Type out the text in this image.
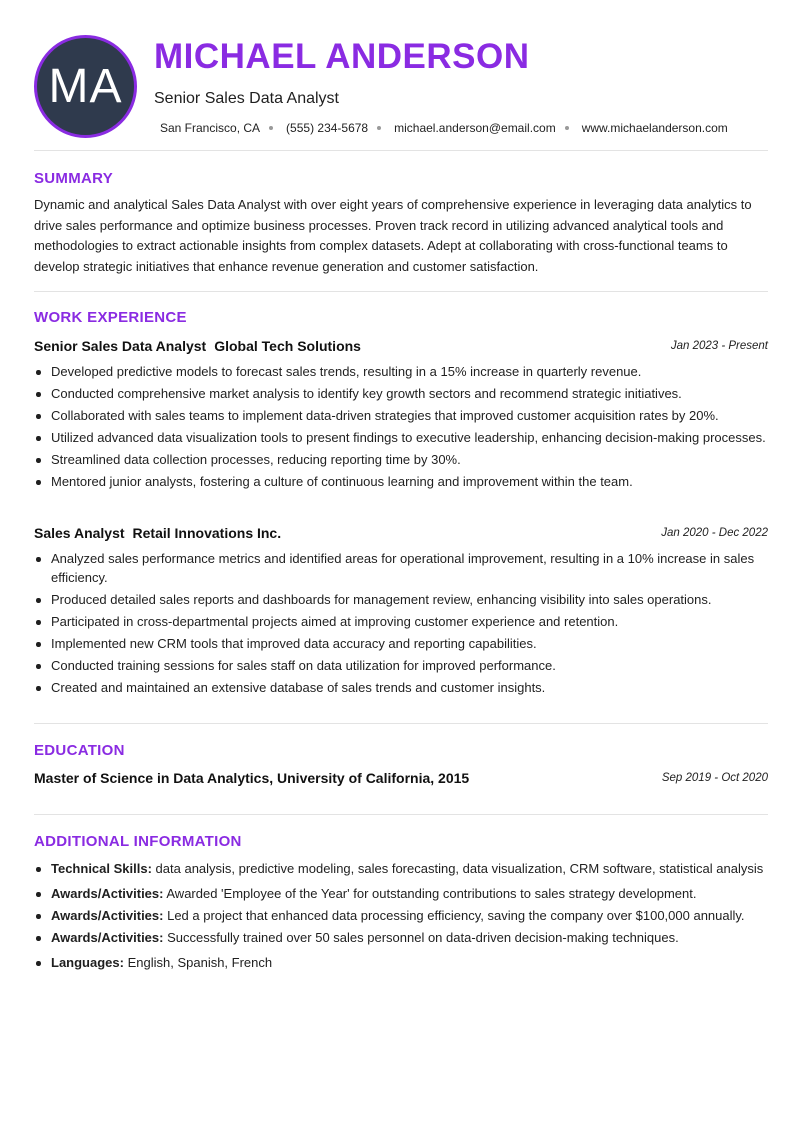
MA
MICHAEL ANDERSON
Senior Sales Data Analyst
San Francisco, CA (555) 234-5678 michael.anderson@email.com www.michaelanderson.com
SUMMARY
Dynamic and analytical Sales Data Analyst with over eight years of comprehensive experience in leveraging data analytics to drive sales performance and optimize business processes. Proven track record in utilizing advanced analytical tools and methodologies to extract actionable insights from complex datasets. Adept at collaborating with cross-functional teams to develop strategic initiatives that enhance revenue generation and customer satisfaction.
WORK EXPERIENCE
Senior Sales Data Analyst Global Tech Solutions	Jan 2023 - Present
Developed predictive models to forecast sales trends, resulting in a 15% increase in quarterly revenue.
Conducted comprehensive market analysis to identify key growth sectors and recommend strategic initiatives.
Collaborated with sales teams to implement data-driven strategies that improved customer acquisition rates by 20%.
Utilized advanced data visualization tools to present findings to executive leadership, enhancing decision-making processes.
Streamlined data collection processes, reducing reporting time by 30%.
Mentored junior analysts, fostering a culture of continuous learning and improvement within the team.
Sales Analyst Retail Innovations Inc.	Jan 2020 - Dec 2022
Analyzed sales performance metrics and identified areas for operational improvement, resulting in a 10% increase in sales efficiency.
Produced detailed sales reports and dashboards for management review, enhancing visibility into sales operations.
Participated in cross-departmental projects aimed at improving customer experience and retention.
Implemented new CRM tools that improved data accuracy and reporting capabilities.
Conducted training sessions for sales staff on data utilization for improved performance.
Created and maintained an extensive database of sales trends and customer insights.
EDUCATION
Master of Science in Data Analytics, University of California, 2015	Sep 2019 - Oct 2020
ADDITIONAL INFORMATION
Technical Skills: data analysis, predictive modeling, sales forecasting, data visualization, CRM software, statistical analysis
Awards/Activities: Awarded 'Employee of the Year' for outstanding contributions to sales strategy development.
Awards/Activities: Led a project that enhanced data processing efficiency, saving the company over $100,000 annually.
Awards/Activities: Successfully trained over 50 sales personnel on data-driven decision-making techniques.
Languages: English, Spanish, French
